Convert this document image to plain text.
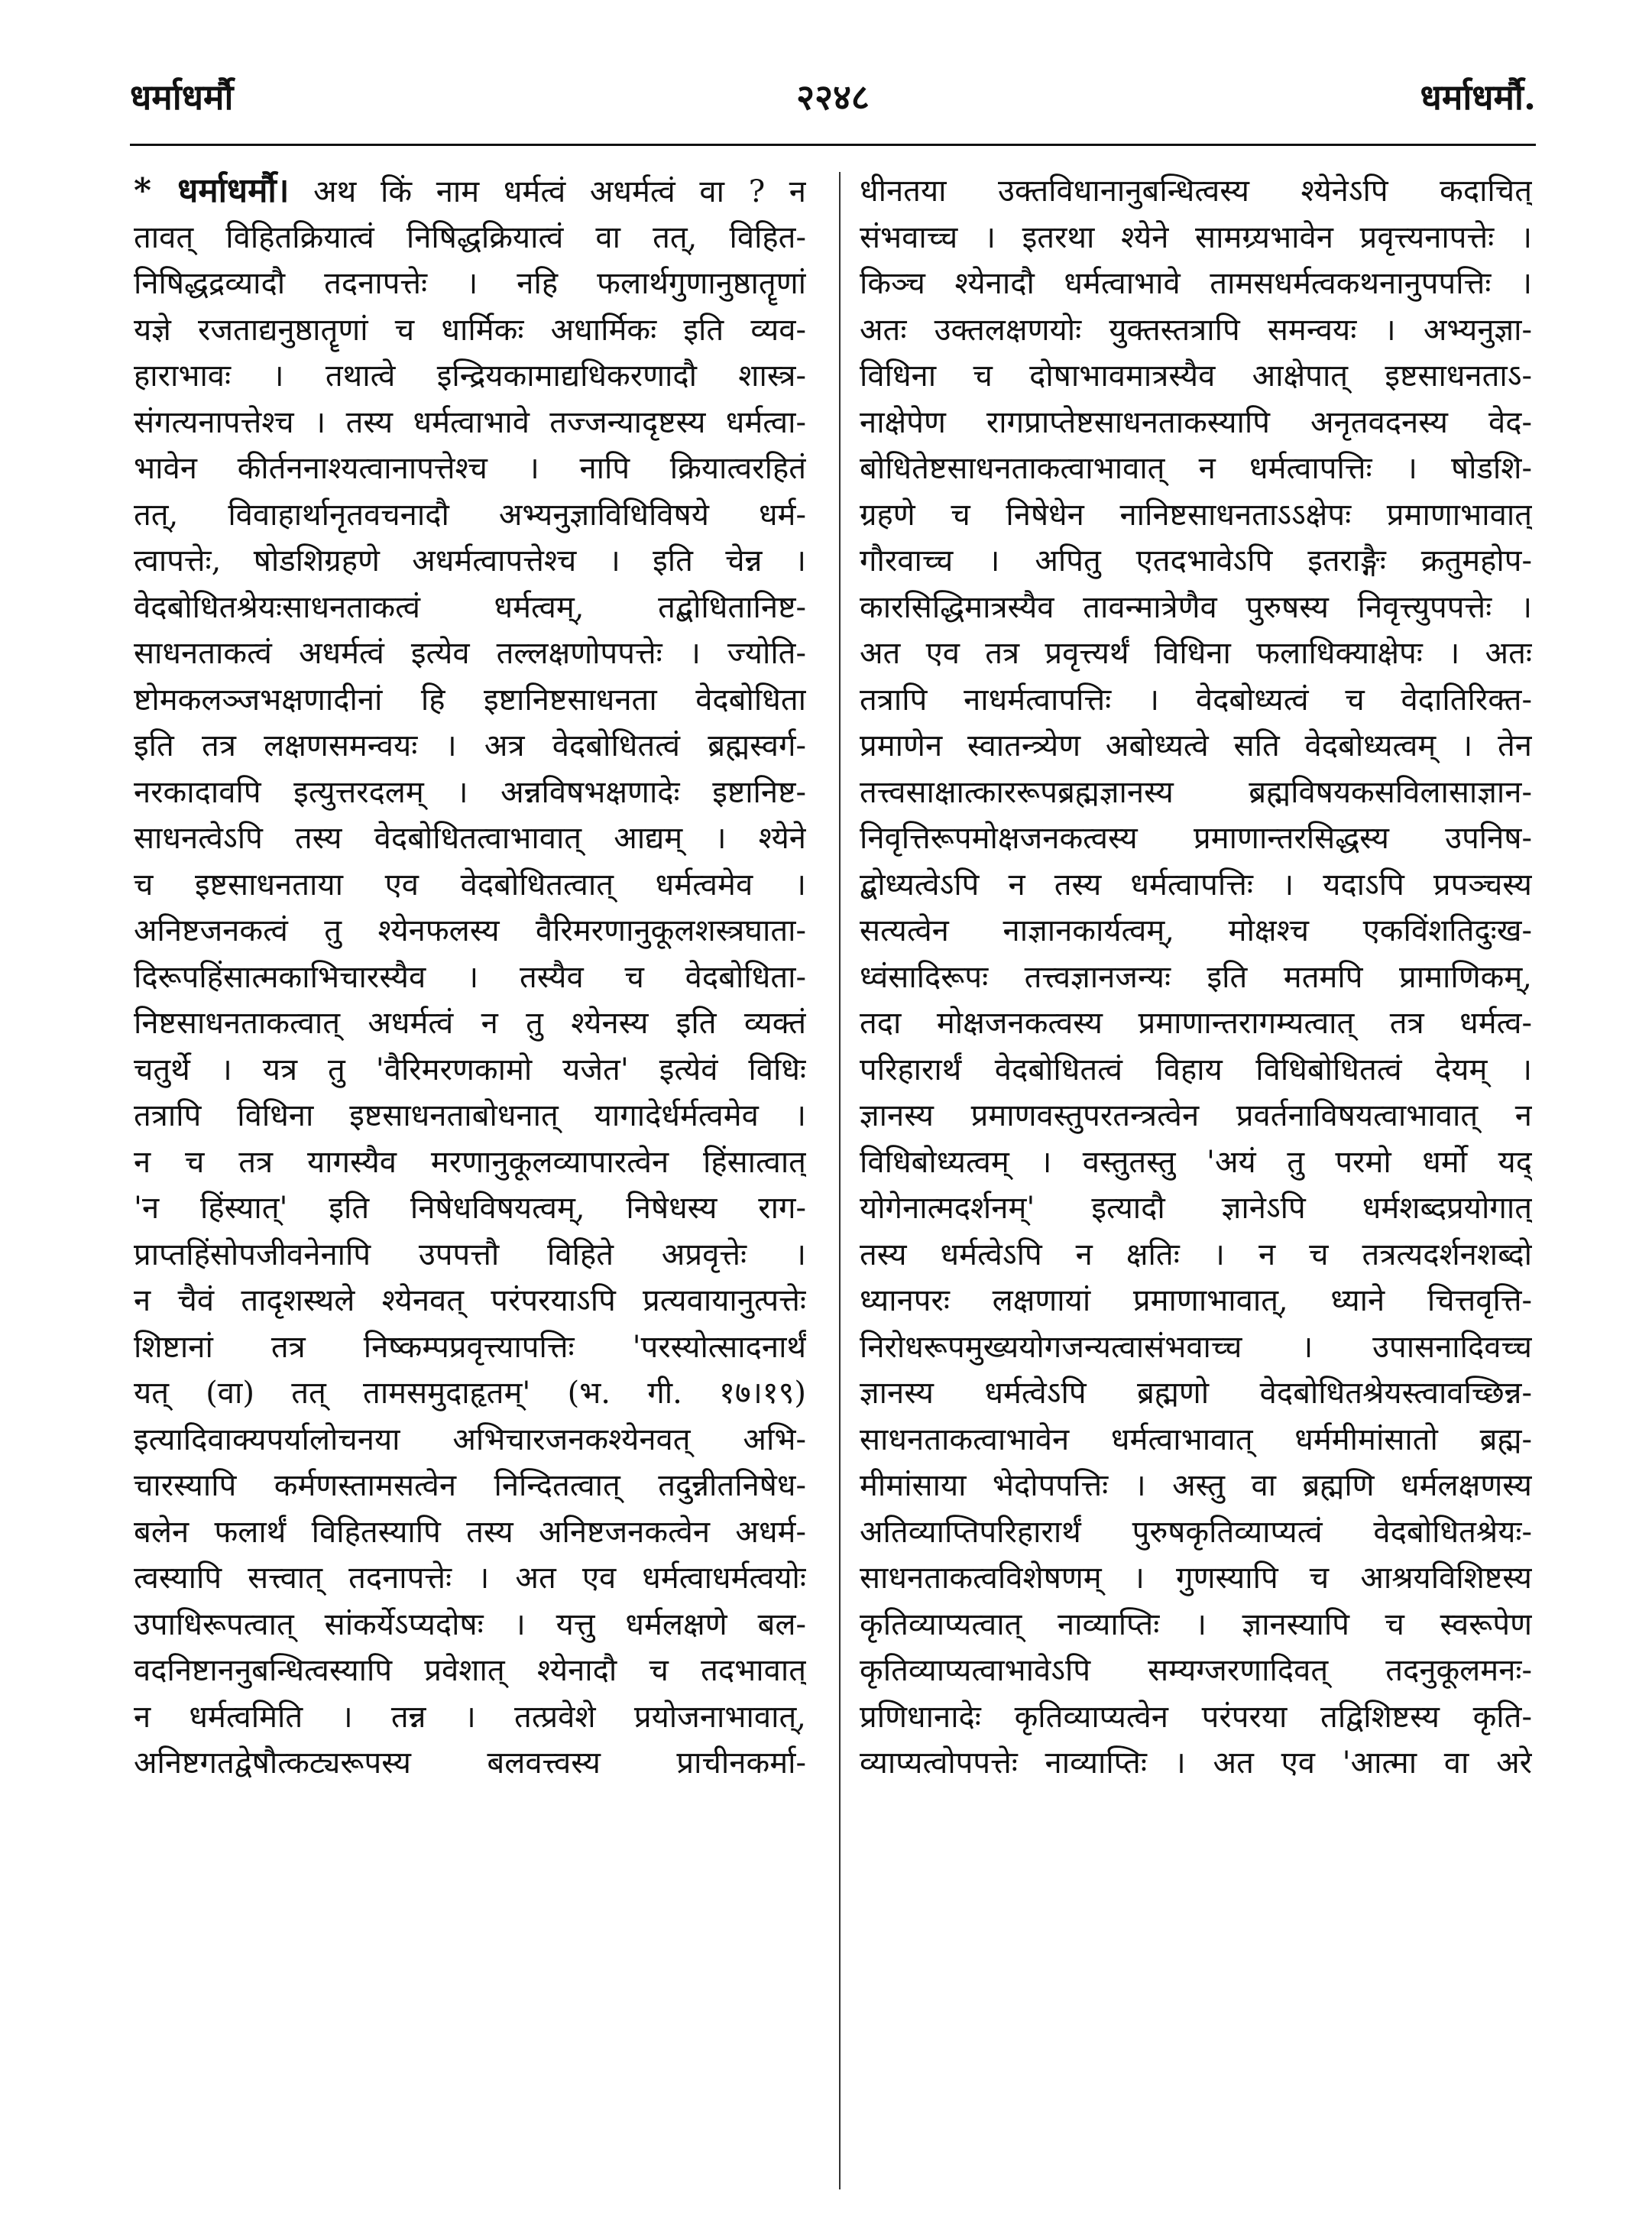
धर्माधर्मौ	२२४८	धर्माधर्मौ.
* धर्माधर्मौ। अथ किं नाम धर्मत्वं अधर्मत्वं वा ? न
तावत् विहितक्रियात्वं निषिद्धक्रियात्वं वा तत्, विहित-
निषिद्धद्रव्यादौ तदनापत्तेः । नहि फलार्थगुणानुष्ठातॄणां
यज्ञे रजताद्यनुष्ठातॄणां च धार्मिकः अधार्मिकः इति व्यव-
हाराभावः । तथात्वे इन्द्रियकामाद्यधिकरणादौ शास्त्र-
संगत्यनापत्तेश्च । तस्य धर्मत्वाभावे तज्जन्यादृष्टस्य धर्मत्वा-
भावेन कीर्तननाश्यत्वानापत्तेश्च । नापि क्रियात्वरहितं
तत्, विवाहार्थानृतवचनादौ अभ्यनुज्ञाविधिविषये धर्म-
त्वापत्तेः, षोडशिग्रहणे अधर्मत्वापत्तेश्च । इति चेन्न ।
वेदबोधितश्रेयःसाधनताकत्वं धर्मत्वम्, तद्बोधितानिष्ट-
साधनताकत्वं अधर्मत्वं इत्येव तल्लक्षणोपपत्तेः । ज्योति-
ष्टोमकलञ्जभक्षणादीनां हि इष्टानिष्टसाधनता वेदबोधिता
इति तत्र लक्षणसमन्वयः । अत्र वेदबोधितत्वं ब्रह्मस्वर्ग-
नरकादावपि इत्युत्तरदलम् । अन्नविषभक्षणादेः इष्टानिष्ट-
साधनत्वेऽपि तस्य वेदबोधितत्वाभावात् आद्यम् । श्येने
च इष्टसाधनताया एव वेदबोधितत्वात् धर्मत्वमेव ।
अनिष्टजनकत्वं तु श्येनफलस्य वैरिमरणानुकूलशस्त्रघाता-
दिरूपहिंसात्मकाभिचारस्यैव । तस्यैव च वेदबोधिता-
निष्टसाधनताकत्वात् अधर्मत्वं न तु श्येनस्य इति व्यक्तं
चतुर्थे । यत्र तु 'वैरिमरणकामो यजेत' इत्येवं विधिः
तत्रापि विधिना इष्टसाधनताबोधनात् यागादेर्धर्मत्वमेव ।
न च तत्र यागस्यैव मरणानुकूलव्यापारत्वेन हिंसात्वात्
'न हिंस्यात्' इति निषेधविषयत्वम्, निषेधस्य राग-
प्राप्तहिंसोपजीवनेनापि उपपत्तौ विहिते अप्रवृत्तेः ।
न चैवं तादृशस्थले श्येनवत् परंपरयाऽपि प्रत्यवायानुत्पत्तेः
शिष्टानां तत्र निष्कम्पप्रवृत्त्यापत्तिः 'परस्योत्सादनार्थं
यत् (वा) तत् तामसमुदाहृतम्' (भ. गी. १७।१९)
इत्यादिवाक्यपर्यालोचनया अभिचारजनकश्येनवत् अभि-
चारस्यापि कर्मणस्तामसत्वेन निन्दितत्वात् तदुन्नीतनिषेध-
बलेन फलार्थं विहितस्यापि तस्य अनिष्टजनकत्वेन अधर्म-
त्वस्यापि सत्त्वात् तदनापत्तेः । अत एव धर्मत्वाधर्मत्वयोः
उपाधिरूपत्वात् सांकर्येऽप्यदोषः । यत्तु धर्मलक्षणे बल-
वदनिष्टाननुबन्धित्वस्यापि प्रवेशात् श्येनादौ च तदभावात्
न धर्मत्वमिति । तन्न । तत्प्रवेशे प्रयोजनाभावात्,
अनिष्टगतद्वेषौत्कट्यरूपस्य बलवत्त्वस्य प्राचीनकर्मा-
धीनतया उक्तविधानानुबन्धित्वस्य श्येनेऽपि कदाचित्
संभवाच्च । इतरथा श्येने सामग्र्यभावेन प्रवृत्त्यनापत्तेः ।
किञ्च श्येनादौ धर्मत्वाभावे तामसधर्मत्वकथनानुपपत्तिः ।
अतः उक्तलक्षणयोः युक्तस्तत्रापि समन्वयः । अभ्यनुज्ञा-
विधिना च दोषाभावमात्रस्यैव आक्षेपात् इष्टसाधनताऽ-
नाक्षेपेण रागप्राप्तेष्टसाधनताकस्यापि अनृतवदनस्य वेद-
बोधितेष्टसाधनताकत्वाभावात् न धर्मत्वापत्तिः । षोडशि-
ग्रहणे च निषेधेन नानिष्टसाधनताऽऽक्षेपः प्रमाणाभावात्
गौरवाच्च । अपितु एतदभावेऽपि इतराङ्गैः क्रतुमहोप-
कारसिद्धिमात्रस्यैव तावन्मात्रेणैव पुरुषस्य निवृत्त्युपपत्तेः ।
अत एव तत्र प्रवृत्त्यर्थं विधिना फलाधिक्याक्षेपः । अतः
तत्रापि नाधर्मत्वापत्तिः । वेदबोध्यत्वं च वेदातिरिक्त-
प्रमाणेन स्वातन्त्र्येण अबोध्यत्वे सति वेदबोध्यत्वम् । तेन
तत्त्वसाक्षात्काररूपब्रह्मज्ञानस्य ब्रह्मविषयकसविलासाज्ञान-
निवृत्तिरूपमोक्षजनकत्वस्य प्रमाणान्तरसिद्धस्य उपनिष-
द्बोध्यत्वेऽपि न तस्य धर्मत्वापत्तिः । यदाऽपि प्रपञ्चस्य
सत्यत्वेन नाज्ञानकार्यत्वम्, मोक्षश्च एकविंशतिदुःख-
ध्वंसादिरूपः तत्त्वज्ञानजन्यः इति मतमपि प्रामाणिकम्,
तदा मोक्षजनकत्वस्य प्रमाणान्तरागम्यत्वात् तत्र धर्मत्व-
परिहारार्थं वेदबोधितत्वं विहाय विधिबोधितत्वं देयम् ।
ज्ञानस्य प्रमाणवस्तुपरतन्त्रत्वेन प्रवर्तनाविषयत्वाभावात् न
विधिबोध्यत्वम् । वस्तुतस्तु 'अयं तु परमो धर्मो यद्
योगेनात्मदर्शनम्' इत्यादौ ज्ञानेऽपि धर्मशब्दप्रयोगात्
तस्य धर्मत्वेऽपि न क्षतिः । न च तत्रत्यदर्शनशब्दो
ध्यानपरः लक्षणायां प्रमाणाभावात्, ध्याने चित्तवृत्ति-
निरोधरूपमुख्ययोगजन्यत्वासंभवाच्च । उपासनादिवच्च
ज्ञानस्य धर्मत्वेऽपि ब्रह्मणो वेदबोधितश्रेयस्त्वावच्छिन्न-
साधनताकत्वाभावेन धर्मत्वाभावात् धर्ममीमांसातो ब्रह्म-
मीमांसाया भेदोपपत्तिः । अस्तु वा ब्रह्मणि धर्मलक्षणस्य
अतिव्याप्तिपरिहारार्थं पुरुषकृतिव्याप्यत्वं वेदबोधितश्रेयः-
साधनताकत्वविशेषणम् । गुणस्यापि च आश्रयविशिष्टस्य
कृतिव्याप्यत्वात् नाव्याप्तिः । ज्ञानस्यापि च स्वरूपेण
कृतिव्याप्यत्वाभावेऽपि सम्यग्जरणादिवत् तदनुकूलमनः-
प्रणिधानादेः कृतिव्याप्यत्वेन परंपरया तद्विशिष्टस्य कृति-
व्याप्यत्वोपपत्तेः नाव्याप्तिः । अत एव 'आत्मा वा अरे
